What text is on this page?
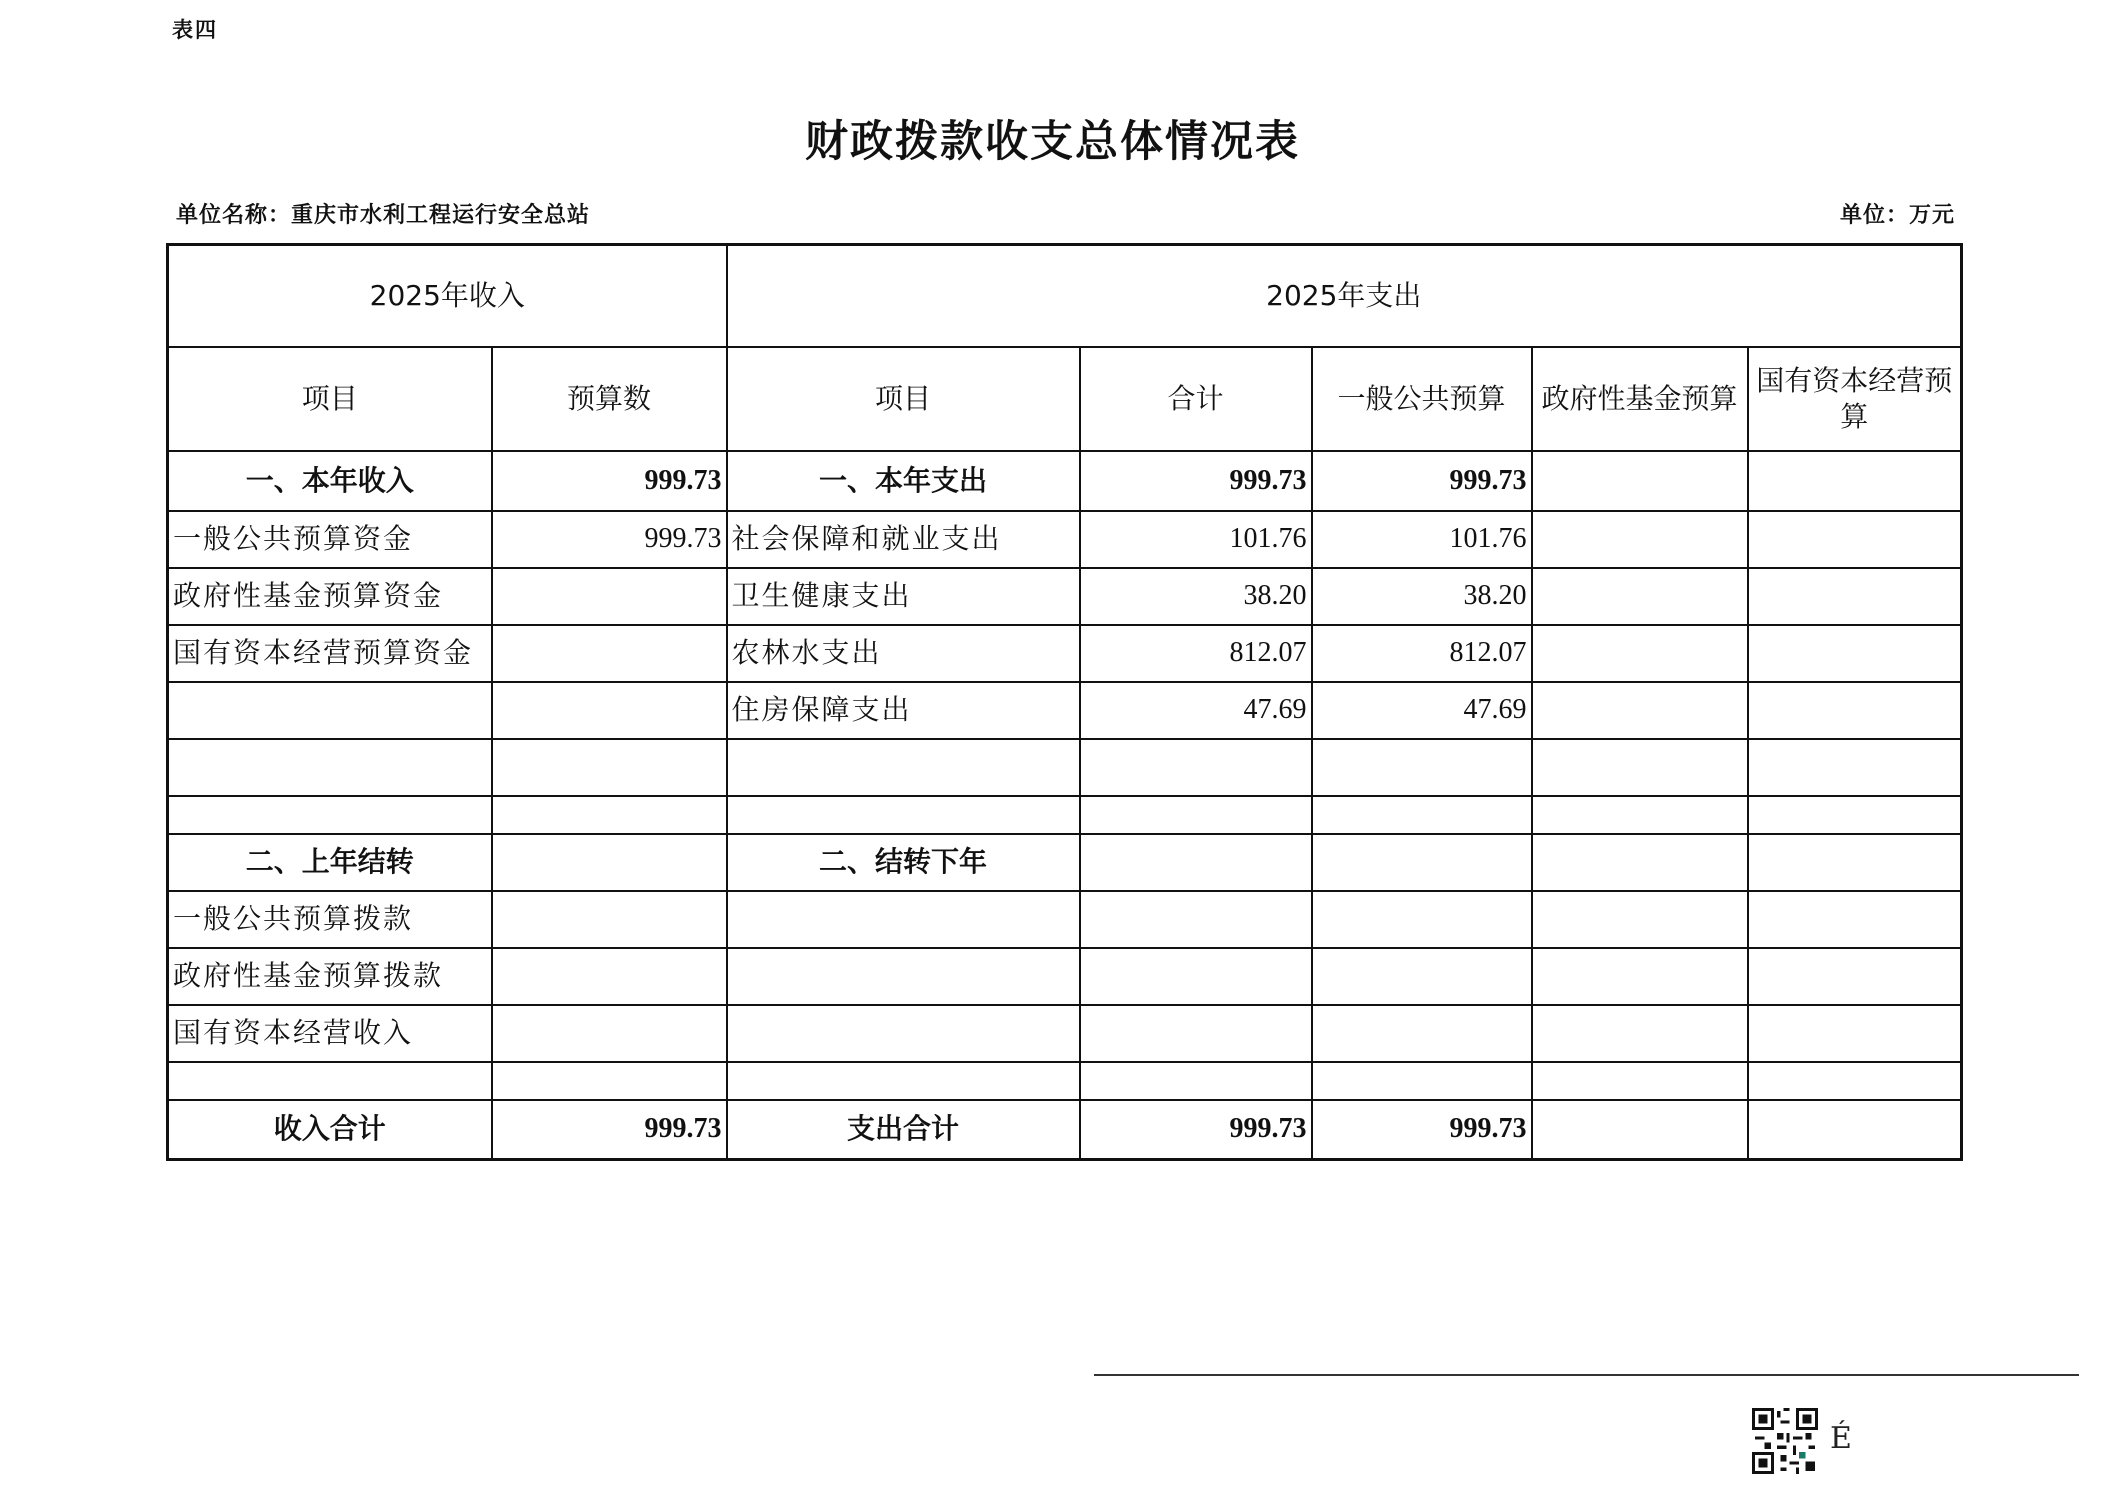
表四
财政拨款收支总体情况表
单位名称：重庆市水利工程运行安全总站	单位：万元
2025年收入		2025年支出				
项目	预算数	项目	合计	一般公共预算	政府性基金预算	国有资本经营预算
一、本年收入	999.73	一、本年支出	999.73	999.73		
一般公共预算资金	999.73	社会保障和就业支出	101.76	101.76		
政府性基金预算资金		卫生健康支出	38.20	38.20		
国有资本经营预算资金		农林水支出	812.07	812.07		
		住房保障支出	47.69	47.69		

二、上年结转		二、结转下年				
一般公共预算拨款						
政府性基金预算拨款						
国有资本经营收入						

收入合计	999.73	支出合计	999.73	999.73		
É
